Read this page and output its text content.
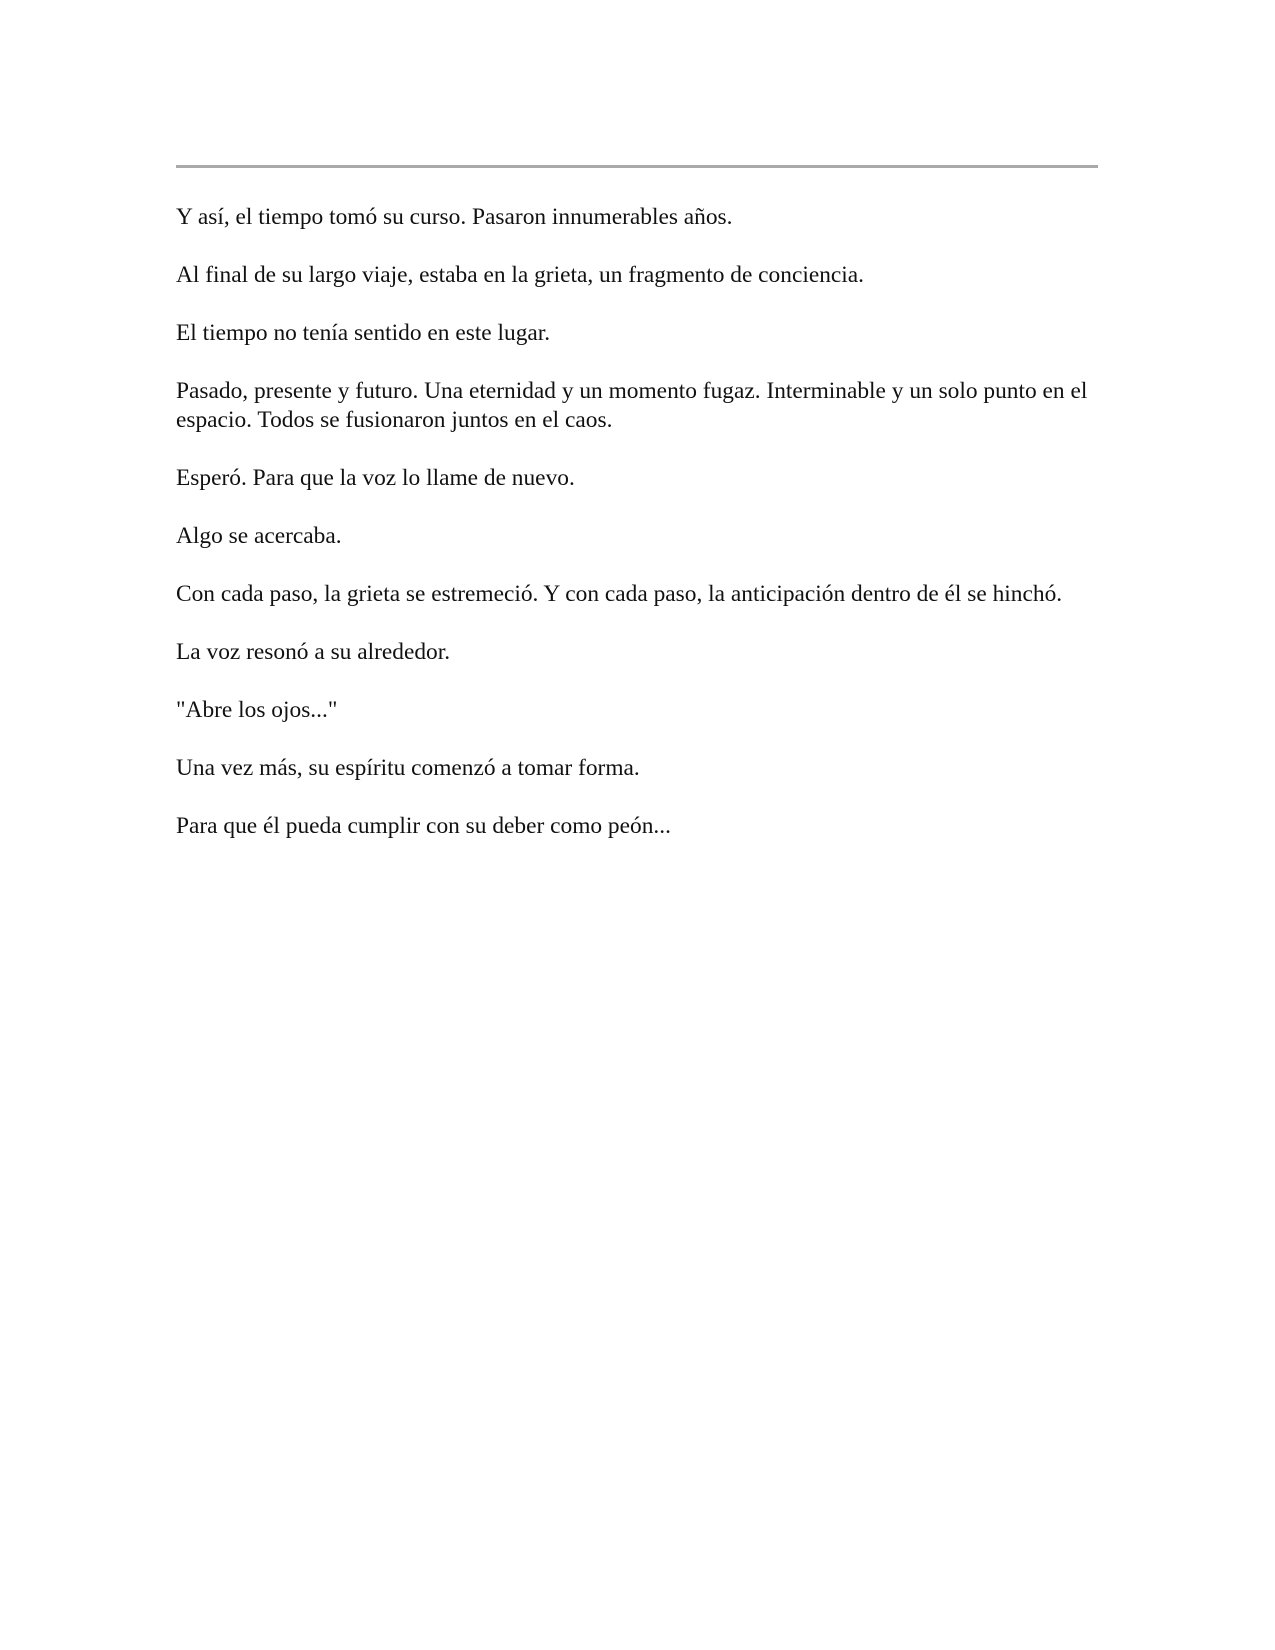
Y así, el tiempo tomó su curso. Pasaron innumerables años.

Al final de su largo viaje, estaba en la grieta, un fragmento de conciencia.

El tiempo no tenía sentido en este lugar.

Pasado, presente y futuro. Una eternidad y un momento fugaz. Interminable y un solo punto en el espacio. Todos se fusionaron juntos en el caos.

Esperó. Para que la voz lo llame de nuevo.

Algo se acercaba.

Con cada paso, la grieta se estremeció. Y con cada paso, la anticipación dentro de él se hinchó.

La voz resonó a su alrededor.

"Abre los ojos..."

Una vez más, su espíritu comenzó a tomar forma.

Para que él pueda cumplir con su deber como peón...
